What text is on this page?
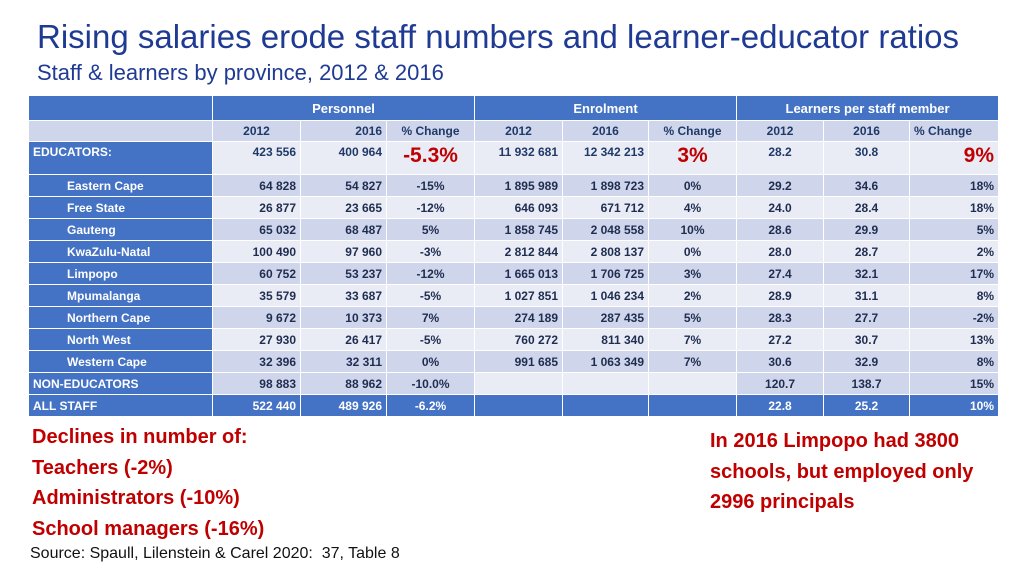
Rising salaries erode staff numbers and learner-educator ratios
Staff & learners by province, 2012 & 2016
	Personnel			Enrolment			Learners per staff member		
	2012	2016	% Change	2012	2016	% Change	2012	2016	% Change
EDUCATORS:	423 556	400 964	-5.3%	11 932 681	12 342 213	3%	28.2	30.8	9%
Eastern Cape	64 828	54 827	-15%	1 895 989	1 898 723	0%	29.2	34.6	18%
Free State	26 877	23 665	-12%	646 093	671 712	4%	24.0	28.4	18%
Gauteng	65 032	68 487	5%	1 858 745	2 048 558	10%	28.6	29.9	5%
KwaZulu-Natal	100 490	97 960	-3%	2 812 844	2 808 137	0%	28.0	28.7	2%
Limpopo	60 752	53 237	-12%	1 665 013	1 706 725	3%	27.4	32.1	17%
Mpumalanga	35 579	33 687	-5%	1 027 851	1 046 234	2%	28.9	31.1	8%
Northern Cape	9 672	10 373	7%	274 189	287 435	5%	28.3	27.7	-2%
North West	27 930	26 417	-5%	760 272	811 340	7%	27.2	30.7	13%
Western Cape	32 396	32 311	0%	991 685	1 063 349	7%	30.6	32.9	8%
NON-EDUCATORS	98 883	88 962	-10.0%				120.7	138.7	15%
ALL STAFF	522 440	489 926	-6.2%				22.8	25.2	10%
Declines in number of:
Teachers (-2%)
Administrators (-10%)
School managers (-16%)
In 2016 Limpopo had 3800 schools, but employed only 2996 principals
Source: Spaull, Lilenstein & Carel 2020:  37, Table 8
